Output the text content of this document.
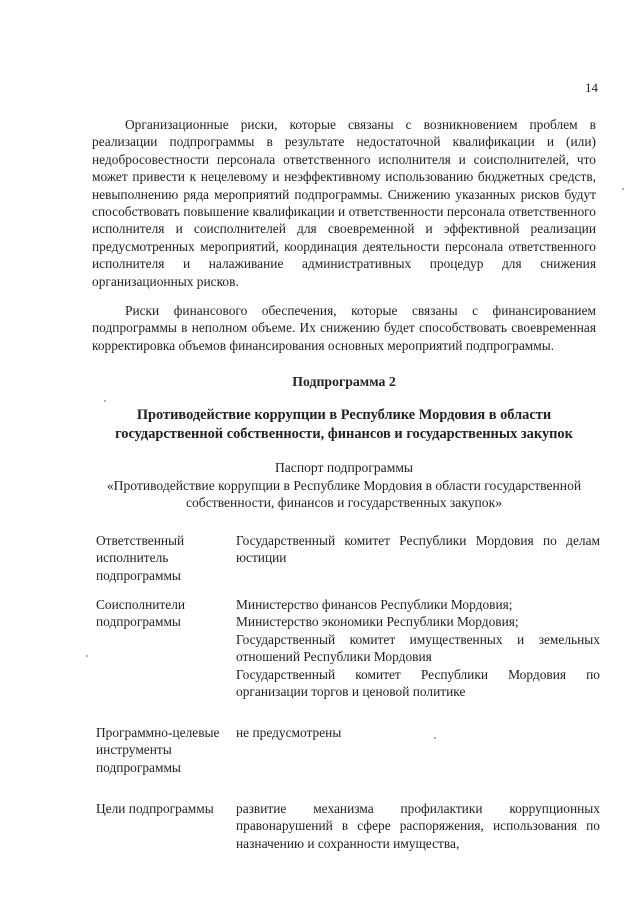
14

Организационные риски, которые связаны с возникновением проблем в реализации подпрограммы в результате недостаточной квалификации и (или) недобросовестности персонала ответственного исполнителя и соисполнителей, что может привести к нецелевому и неэффективному использованию бюджетных средств, невыполнению ряда мероприятий подпрограммы. Снижению указанных рисков будут способствовать повышение квалификации и ответственности персонала ответственного исполнителя и соисполнителей для своевременной и эффективной реализации предусмотренных мероприятий, координация деятельности персонала ответственного исполнителя и налаживание административных процедур для снижения организационных рисков.

Риски финансового обеспечения, которые связаны с финансированием подпрограммы в неполном объеме. Их снижению будет способствовать своевременная корректировка объемов финансирования основных мероприятий подпрограммы.

Подпрограмма 2
Противодействие коррупции в Республике Мордовия в области государственной собственности, финансов и государственных закупок
Паспорт подпрограммы
«Противодействие коррупции в Республике Мордовия в области государственной собственности, финансов и государственных закупок»
Ответственный исполнитель подпрограммы
Государственный комитет Республики Мордовия по делам юстиции
Соисполнители подпрограммы
Министерство финансов Республики Мордовия;
Министерство экономики Республики Мордовия;
Государственный комитет имущественных и земельных отношений Республики Мордовия
Государственный комитет Республики Мордовия по организации торгов и ценовой политике
Программно-целевые инструменты подпрограммы
не предусмотрены
Цели подпрограммы	развитие механизма профилактики коррупционных правонарушений в сфере распоряжения, использования по назначению и сохранности имущества,
